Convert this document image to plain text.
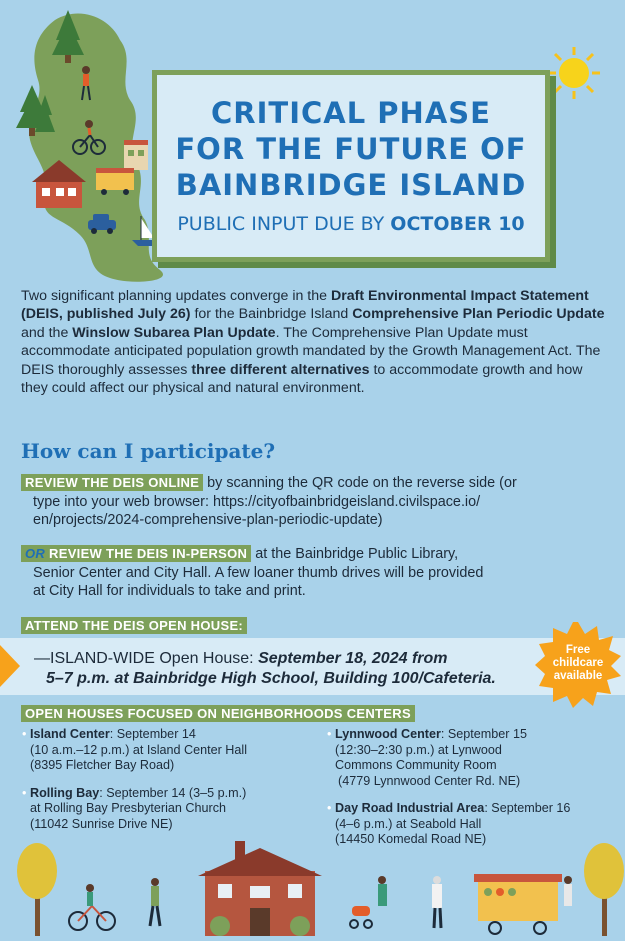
CRITICAL PHASE
FOR THE FUTURE OF
BAINBRIDGE ISLAND
PUBLIC INPUT DUE BY OCTOBER 10

Two significant planning updates converge in the Draft Environmental Impact Statement (DEIS, published July 26) for the Bainbridge Island Comprehensive Plan Periodic Update and the Winslow Subarea Plan Update. The Comprehensive Plan Update must accommodate anticipated population growth mandated by the Growth Management Act. The DEIS thoroughly assesses three different alternatives to accommodate growth and how they could affect our physical and natural environment.

How can I participate?
REVIEW THE DEIS ONLINE by scanning the QR code on the reverse side (or
type into your web browser: https://cityofbainbridgeisland.civilspace.io/
en/projects/2024-comprehensive-plan-periodic-update)
OR REVIEW THE DEIS IN-PERSON at the Bainbridge Public Library,
Senior Center and City Hall. A few loaner thumb drives will be provided
at City Hall for individuals to take and print.
ATTEND THE DEIS OPEN HOUSE:
—ISLAND-WIDE Open House: September 18, 2024 from
5–7 p.m. at Bainbridge High School, Building 100/Cafeteria.
Free
childcare
available
OPEN HOUSES FOCUSED ON NEIGHBORHOODS CENTERS
• Island Center: September 14
(10 a.m.–12 p.m.) at Island Center Hall
(8395 Fletcher Bay Road)
• Rolling Bay: September 14 (3–5 p.m.)
at Rolling Bay Presbyterian Church
(11042 Sunrise Drive NE)
• Lynnwood Center: September 15
(12:30–2:30 p.m.) at Lynwood
Commons Community Room
(4779 Lynnwood Center Rd. NE)
• Day Road Industrial Area: September 16
(4–6 p.m.) at Seabold Hall
(14450 Komedal Road NE)
